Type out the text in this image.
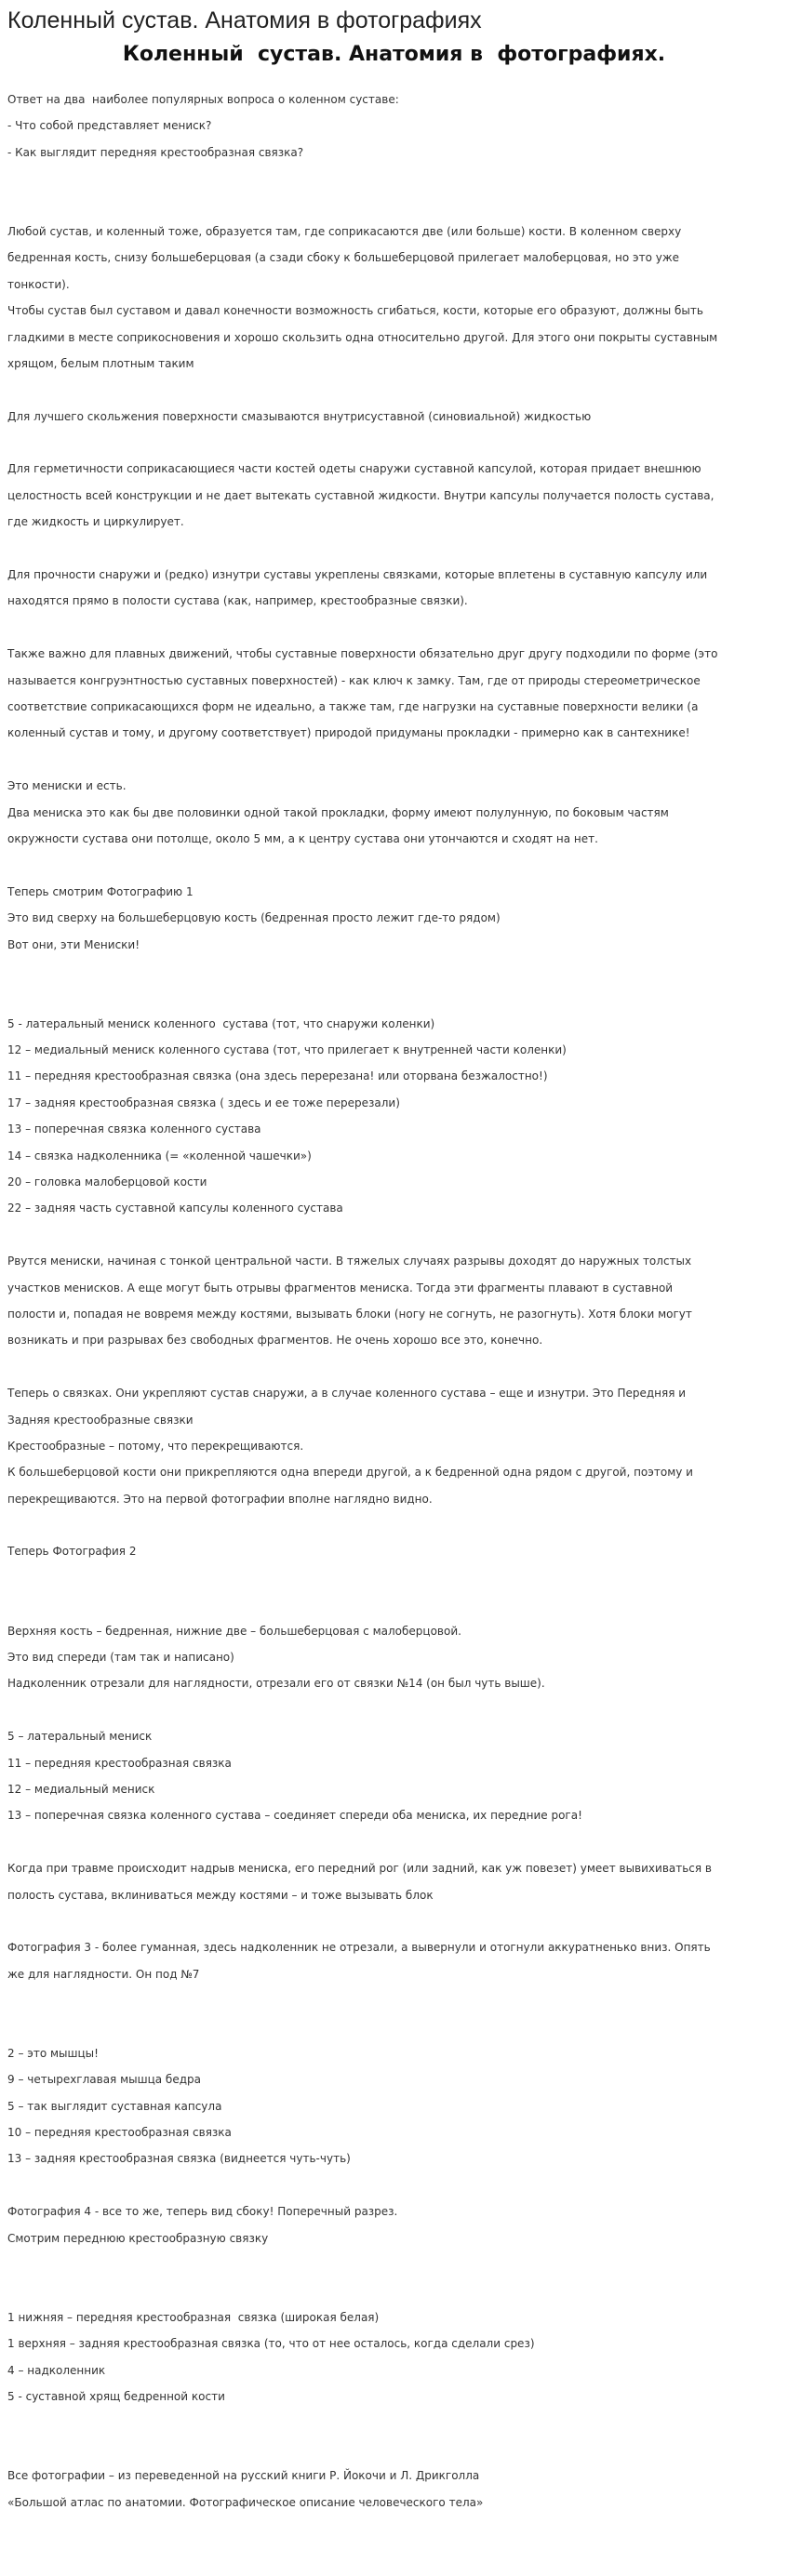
Коленный сустав. Анатомия в фотографиях
Коленный  сустав. Анатомия в  фотографиях.
Ответ на два  наиболее популярных вопроса о коленном суставе:
- Что собой представляет мениск?
- Как выглядит передняя крестообразная связка?
Любой сустав, и коленный тоже, образуется там, где соприкасаются две (или больше) кости. В коленном сверху
бедренная кость, снизу большеберцовая (а сзади сбоку к большеберцовой прилегает малоберцовая, но это уже
тонкости).
Чтобы сустав был суставом и давал конечности возможность сгибаться, кости, которые его образуют, должны быть
гладкими в месте соприкосновения и хорошо скользить одна относительно другой. Для этого они покрыты суставным
хрящом, белым плотным таким
Для лучшего скольжения поверхности смазываются внутрисуставной (синовиальной) жидкостью
Для герметичности соприкасающиеся части костей одеты снаружи суставной капсулой, которая придает внешнюю
целостность всей конструкции и не дает вытекать суставной жидкости. Внутри капсулы получается полость сустава,
где жидкость и циркулирует.
Для прочности снаружи и (редко) изнутри суставы укреплены связками, которые вплетены в суставную капсулу или
находятся прямо в полости сустава (как, например, крестообразные связки).
Также важно для плавных движений, чтобы суставные поверхности обязательно друг другу подходили по форме (это
называется конгруэнтностью суставных поверхностей) - как ключ к замку. Там, где от природы стереометрическое
соответствие соприкасающихся форм не идеально, а также там, где нагрузки на суставные поверхности велики (а
коленный сустав и тому, и другому соответствует) природой придуманы прокладки - примерно как в сантехнике!
Это мениски и есть.
Два мениска это как бы две половинки одной такой прокладки, форму имеют полулунную, по боковым частям
окружности сустава они потолще, около 5 мм, а к центру сустава они утончаются и сходят на нет.
Теперь смотрим Фотографию 1
Это вид сверху на большеберцовую кость (бедренная просто лежит где-то рядом)
Вот они, эти Мениски!
5 - латеральный мениск коленного  сустава (тот, что снаружи коленки)
12 – медиальный мениск коленного сустава (тот, что прилегает к внутренней части коленки)
11 – передняя крестообразная связка (она здесь перерезана! или оторвана безжалостно!)
17 – задняя крестообразная связка ( здесь и ее тоже перерезали)
13 – поперечная связка коленного сустава
14 – связка надколенника (= «коленной чашечки»)
20 – головка малоберцовой кости
22 – задняя часть суставной капсулы коленного сустава
Рвутся мениски, начиная с тонкой центральной части. В тяжелых случаях разрывы доходят до наружных толстых
участков менисков. А еще могут быть отрывы фрагментов мениска. Тогда эти фрагменты плавают в суставной
полости и, попадая не вовремя между костями, вызывать блоки (ногу не согнуть, не разогнуть). Хотя блоки могут
возникать и при разрывах без свободных фрагментов. Не очень хорошо все это, конечно.
Теперь о связках. Они укрепляют сустав снаружи, а в случае коленного сустава – еще и изнутри. Это Передняя и
Задняя крестообразные связки
Крестообразные – потому, что перекрещиваются.
К большеберцовой кости они прикрепляются одна впереди другой, а к бедренной одна рядом с другой, поэтому и
перекрещиваются. Это на первой фотографии вполне наглядно видно.
Теперь Фотография 2
Верхняя кость – бедренная, нижние две – большеберцовая с малоберцовой.
Это вид спереди (там так и написано)
Надколенник отрезали для наглядности, отрезали его от связки №14 (он был чуть выше).
5 – латеральный мениск
11 – передняя крестообразная связка
12 – медиальный мениск
13 – поперечная связка коленного сустава – соединяет спереди оба мениска, их передние рога!
Когда при травме происходит надрыв мениска, его передний рог (или задний, как уж повезет) умеет вывихиваться в
полость сустава, вклиниваться между костями – и тоже вызывать блок
Фотография 3 - более гуманная, здесь надколенник не отрезали, а вывернули и отогнули аккуратненько вниз. Опять
же для наглядности. Он под №7
2 – это мышцы!
9 – четырехглавая мышца бедра
5 – так выглядит суставная капсула
10 – передняя крестообразная связка
13 – задняя крестообразная связка (виднеется чуть-чуть)
Фотография 4 - все то же, теперь вид сбоку! Поперечный разрез.
Смотрим переднюю крестообразную связку
1 нижняя – передняя крестообразная  связка (широкая белая)
1 верхняя – задняя крестообразная связка (то, что от нее осталось, когда сделали срез)
4 – надколенник
5 - суставной хрящ бедренной кости
Все фотографии – из переведенной на русский книги Р. Йокочи и Л. Дрикголла
«Большой атлас по анатомии. Фотографическое описание человеческого тела»
